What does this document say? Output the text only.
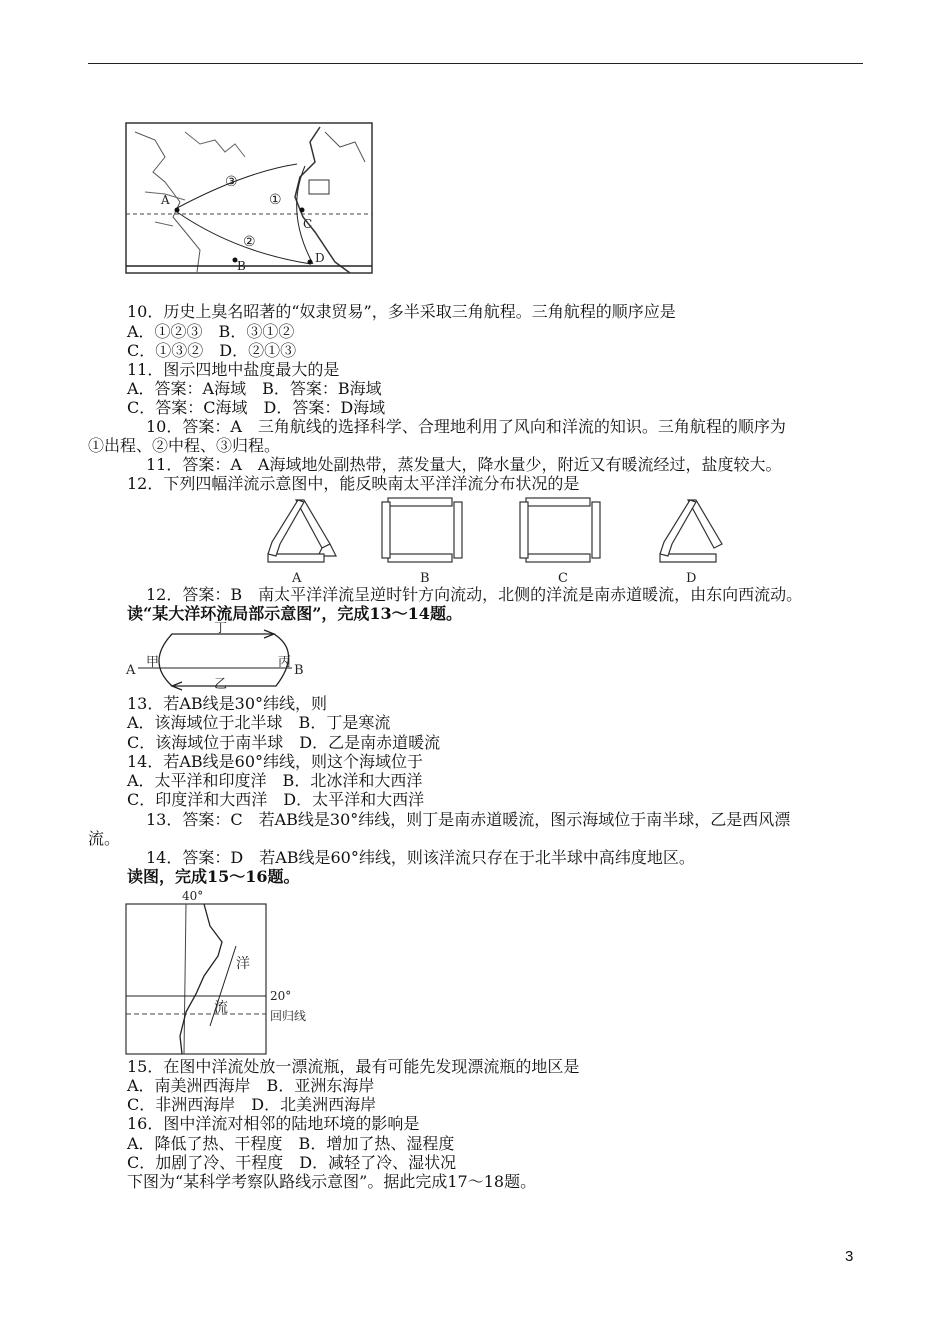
A
B
C
D
①
②
③
10．历史上臭名昭著的“奴隶贸易”，多半采取三角航程。三角航程的顺序应是
A．①②③　B．③①②
C．①③②　D．②①③
11．图示四地中盐度最大的是
A．答案：A海域　B．答案：B海域
C．答案：C海域　D．答案：D海域
10．答案：A　三角航线的选择科学、合理地利用了风向和洋流的知识。三角航程的顺序为
①出程、②中程、③归程。
11．答案：A　A海域地处副热带，蒸发量大，降水量少，附近又有暖流经过，盐度较大。
12．下列四幅洋流示意图中，能反映南太平洋洋流分布状况的是
A	B	C	D
12．答案：B　南太平洋洋流呈逆时针方向流动，北侧的洋流是南赤道暖流，由东向西流动。
读“某大洋环流局部示意图”，完成13～14题。
A	B
甲
乙
丙
丁
13．若AB线是30°纬线，则
A．该海域位于北半球　B．丁是寒流
C．该海域位于南半球　D．乙是南赤道暖流
14．若AB线是60°纬线，则这个海域位于
A．太平洋和印度洋　B．北冰洋和大西洋
C．印度洋和大西洋　D．太平洋和大西洋
13．答案：C　若AB线是30°纬线，则丁是南赤道暖流，图示海域位于南半球，乙是西风漂
流。
14．答案：D　若AB线是60°纬线，则该洋流只存在于北半球中高纬度地区。
读图，完成15～16题。
40°
20°
回归线
洋
流
15．在图中洋流处放一漂流瓶，最有可能先发现漂流瓶的地区是
A．南美洲西海岸　B．亚洲东海岸
C．非洲西海岸　D．北美洲西海岸
16．图中洋流对相邻的陆地环境的影响是
A．降低了热、干程度　B．增加了热、湿程度
C．加剧了冷、干程度　D．减轻了冷、湿状况
下图为“某科学考察队路线示意图”。据此完成17～18题。
3
